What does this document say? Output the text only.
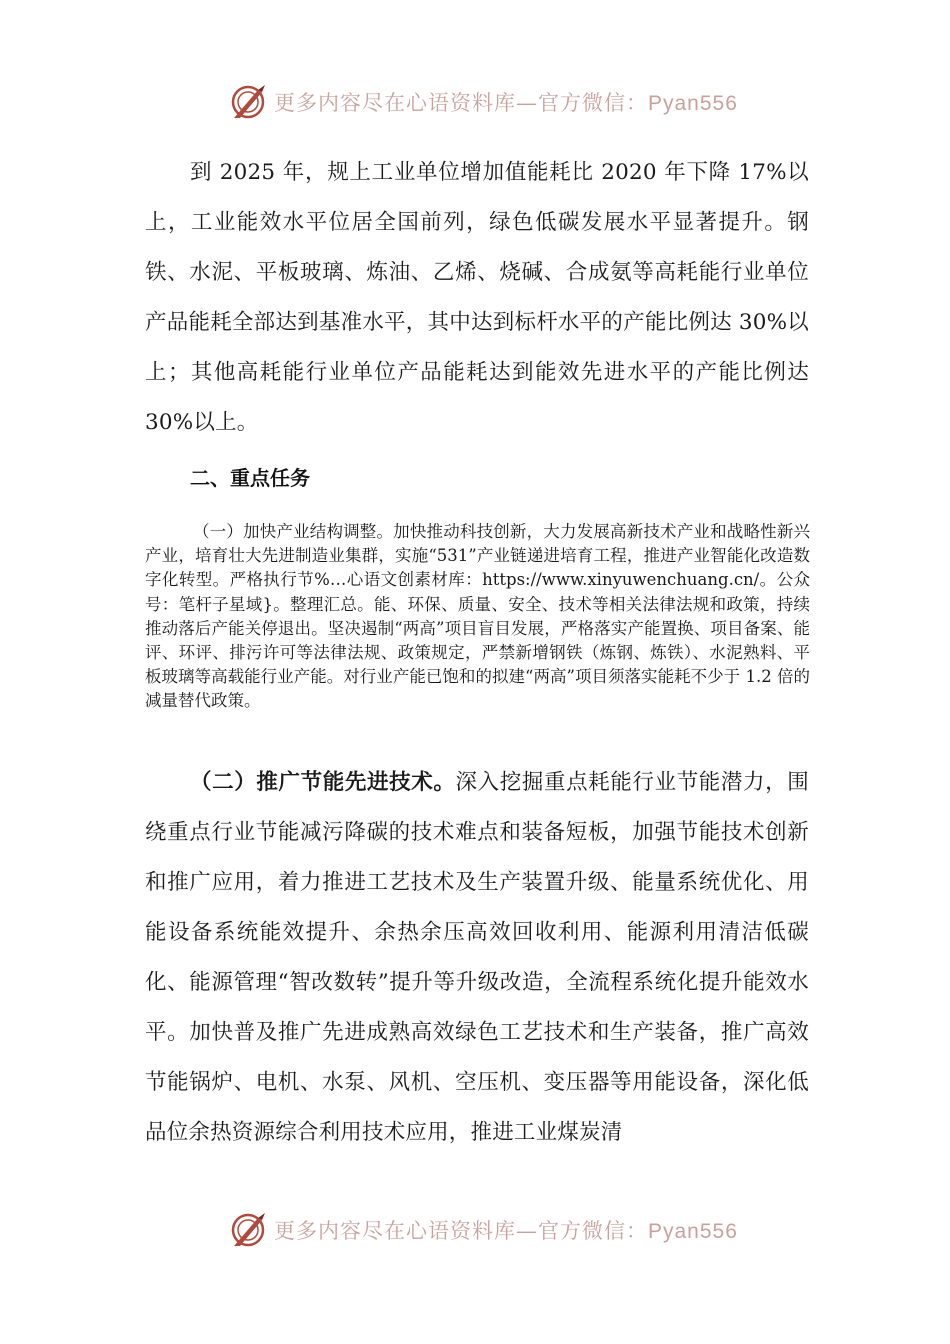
更多内容尽在心语资料库—官方微信：Pyan556

到 2025 年，规上工业单位增加值能耗比 2020 年下降 17%以上，工业能效水平位居全国前列，绿色低碳发展水平显著提升。钢铁、水泥、平板玻璃、炼油、乙烯、烧碱、合成氨等高耗能行业单位产品能耗全部达到基准水平，其中达到标杆水平的产能比例达 30%以上；其他高耗能行业单位产品能耗达到能效先进水平的产能比例达30%以上。

二、重点任务

（一）加快产业结构调整。加快推动科技创新，大力发展高新技术产业和战略性新兴产业，培育壮大先进制造业集群，实施“531”产业链递进培育工程，推进产业智能化改造数字化转型。严格执行节%…心语文创素材库：https://www.xinyuwenchuang.cn/。公众号：笔杆子星域}。整理汇总。能、环保、质量、安全、技术等相关法律法规和政策，持续推动落后产能关停退出。坚决遏制“两高”项目盲目发展，严格落实产能置换、项目备案、能评、环评、排污许可等法律法规、政策规定，严禁新增钢铁（炼钢、炼铁）、水泥熟料、平板玻璃等高载能行业产能。对行业产能已饱和的拟建“两高”项目须落实能耗不少于 1.2 倍的减量替代政策。

（二）推广节能先进技术。深入挖掘重点耗能行业节能潜力，围绕重点行业节能减污降碳的技术难点和装备短板，加强节能技术创新和推广应用，着力推进工艺技术及生产装置升级、能量系统优化、用能设备系统能效提升、余热余压高效回收利用、能源利用清洁低碳化、能源管理“智改数转”提升等升级改造，全流程系统化提升能效水平。加快普及推广先进成熟高效绿色工艺技术和生产装备，推广高效节能锅炉、电机、水泵、风机、空压机、变压器等用能设备，深化低品位余热资源综合利用技术应用，推进工业煤炭清

更多内容尽在心语资料库—官方微信：Pyan556
